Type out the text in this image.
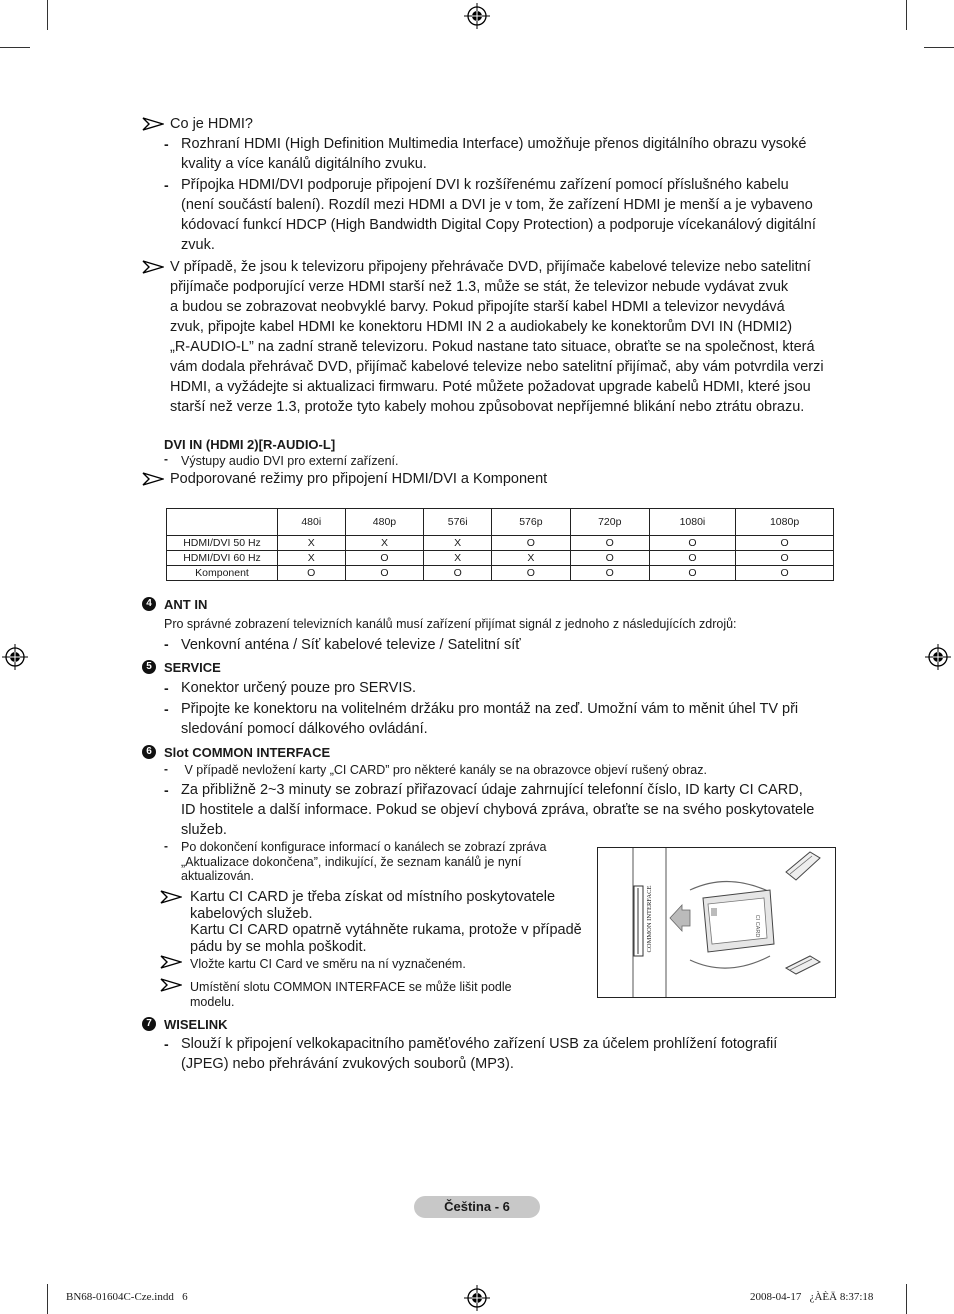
Co je HDMI?
- Rozhraní HDMI (High Definition Multimedia Interface) umožňuje přenos digitálního obrazu vysoké
kvality a více kanálů digitálního zvuku.
- Přípojka HDMI/DVI podporuje připojení DVI k rozšířenému zařízení pomocí příslušného kabelu
(není součástí balení). Rozdíl mezi HDMI a DVI je v tom, že zařízení HDMI je menší a je vybaveno
kódovací funkcí HDCP (High Bandwidth Digital Copy Protection) a podporuje vícekanálový digitální
zvuk.
V případě, že jsou k televizoru připojeny přehrávače DVD, přijímače kabelové televize nebo satelitní
přijímače podporující verze HDMI starší než 1.3, může se stát, že televizor nebude vydávat zvuk
a budou se zobrazovat neobvyklé barvy. Pokud připojíte starší kabel HDMI a televizor nevydává
zvuk, připojte kabel HDMI ke konektoru HDMI IN 2 a audiokabely ke konektorům DVI IN (HDMI2)
„R-AUDIO-L” na zadní straně televizoru. Pokud nastane tato situace, obraťte se na společnost, která
vám dodala přehrávač DVD, přijímač kabelové televize nebo satelitní přijímač, aby vám potvrdila verzi
HDMI, a vyžádejte si aktualizaci firmwaru. Poté můžete požadovat upgrade kabelů HDMI, které jsou
starší než verze 1.3, protože tyto kabely mohou způsobovat nepříjemné blikání nebo ztrátu obrazu.
DVI IN (HDMI 2)[R-AUDIO-L]
- Výstupy audio DVI pro externí zařízení.
Podporované režimy pro připojení HDMI/DVI a Komponent
	480i	480p	576i	576p	720p	1080i	1080p
HDMI/DVI 50 Hz	X	X	X	O	O	O	O
HDMI/DVI 60 Hz	X	O	X	X	O	O	O
Komponent	O	O	O	O	O	O	O
4 ANT IN
Pro správné zobrazení televizních kanálů musí zařízení přijímat signál z jednoho z následujících zdrojů:
- Venkovní anténa / Síť kabelové televize / Satelitní síť
5 SERVICE
- Konektor určený pouze pro SERVIS.
- Připojte ke konektoru na volitelném držáku pro montáž na zeď. Umožní vám to měnit úhel TV při
sledování pomocí dálkového ovládání.
6 Slot COMMON INTERFACE
- V případě nevložení karty „CI CARD” pro některé kanály se na obrazovce objeví rušený obraz.
- Za přibližně 2~3 minuty se zobrazí přiřazovací údaje zahrnující telefonní číslo, ID karty CI CARD,
ID hostitele a další informace. Pokud se objeví chybová zpráva, obraťte se na svého poskytovatele
služeb.
- Po dokončení konfigurace informací o kanálech se zobrazí zpráva
„Aktualizace dokončena”, indikující, že seznam kanálů je nyní
aktualizován.
Kartu CI CARD je třeba získat od místního poskytovatele
kabelových služeb.
Kartu CI CARD opatrně vytáhněte rukama, protože v případě
pádu by se mohla poškodit.
Vložte kartu CI Card ve směru na ní vyznačeném.
Umístění slotu COMMON INTERFACE se může lišit podle
modelu.
COMMON INTERFACE	CI CARD
7 WISELINK
- Slouží k připojení velkokapacitního paměťového zařízení USB za účelem prohlížení fotografií
(JPEG) nebo přehrávání zvukových souborů (MP3).
Čeština - 6
BN68-01604C-Cze.indd   6	2008-04-17   ¿ÀÈÄ 8:37:18
